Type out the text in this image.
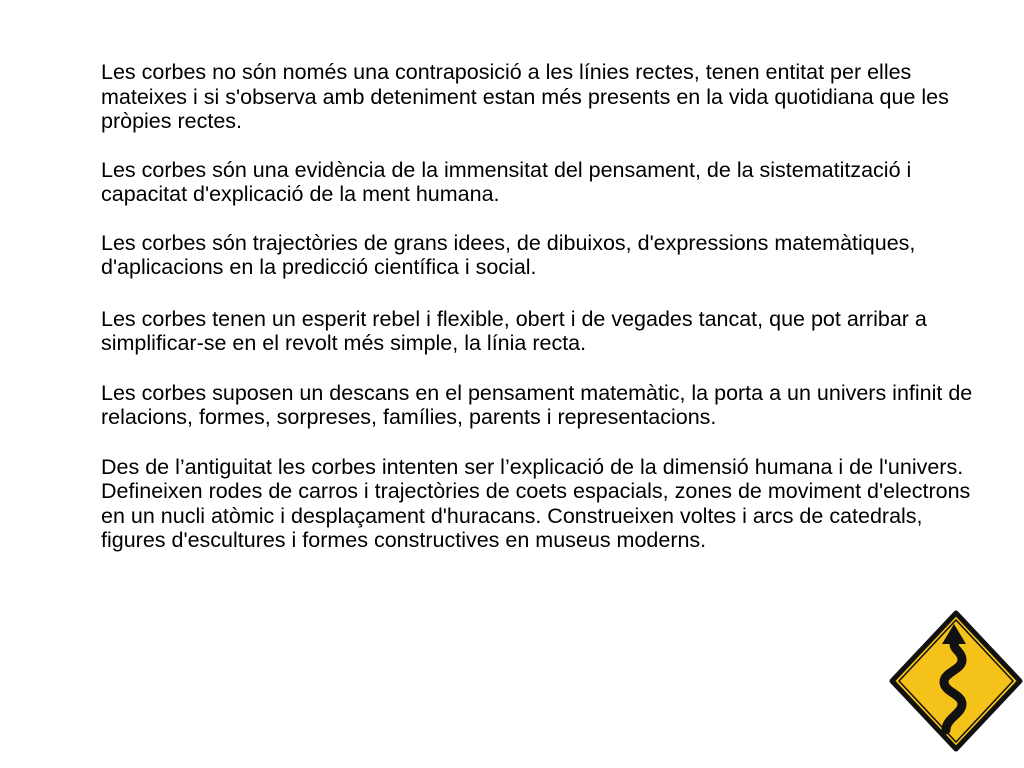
Les corbes no són només una contraposició a les línies rectes, tenen entitat per elles mateixes i si s'observa amb deteniment estan més presents en la vida quotidiana que les pròpies rectes.

Les corbes són una evidència de la immensitat del pensament, de la sistematització i capacitat d'explicació de la ment humana.

Les corbes són trajectòries de grans idees, de dibuixos, d'expressions matemàtiques, d'aplicacions en la predicció científica i social.

Les corbes tenen un esperit rebel i flexible, obert i de vegades tancat, que pot arribar a simplificar-se en el revolt més simple, la línia recta.

Les corbes suposen un descans en el pensament matemàtic, la porta a un univers infinit de relacions, formes, sorpreses, famílies, parents i representacions.

Des de l’antiguitat les corbes intenten ser l’explicació de la dimensió humana i de l'univers. Defineixen rodes de carros i trajectòries de coets espacials, zones de moviment d'electrons en un nucli atòmic i desplaçament d'huracans. Construeixen voltes i arcs de catedrals, figures d'escultures i formes constructives en museus moderns.
